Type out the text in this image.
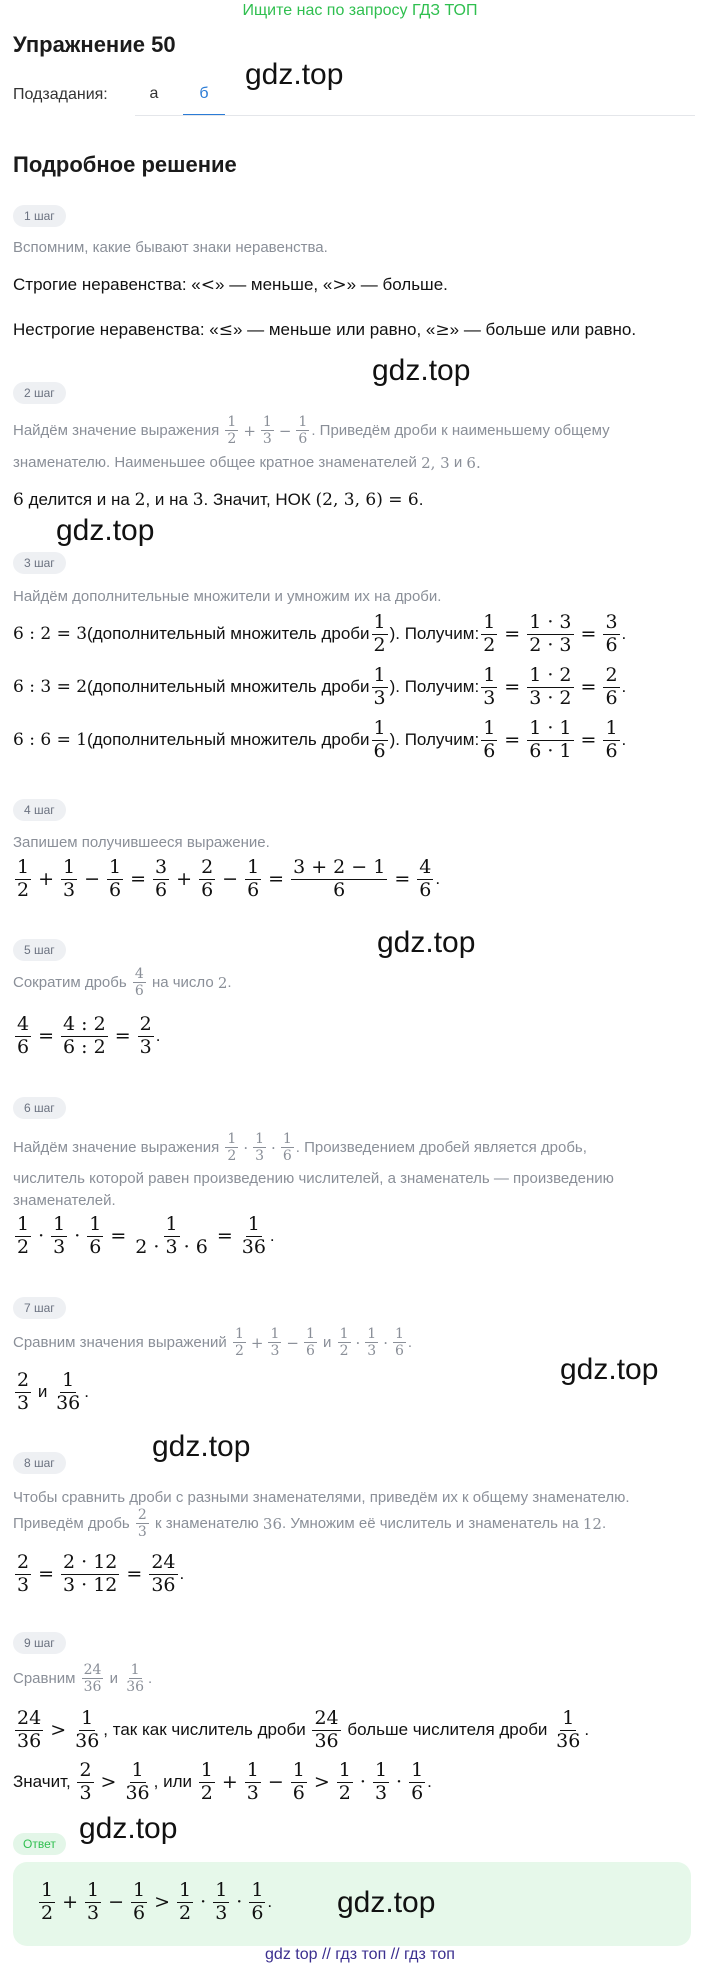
Ищите нас по запросу ГДЗ ТОП
Упражнение 50
Подзадания:	а	б
gdz.top
Подробное решение
1 шаг
Вспомним, какие бывают знаки неравенства.
Строгие неравенства: « < » — меньше, « > » — больше.
Нестрогие неравенства: « ≤ » — меньше или равно, « ≥ » — больше или равно.
gdz.top
2 шаг
Найдём значение выражения
$\frac{1}{2} + \frac{1}{3} - \frac{1}{6}$ . Приведём дроби к наименьшему общему
знаменателю. Наименьшее общее кратное знаменателей
2, 3
и
6.
6
делится и на
2 , и на
3 . Значит, НОК
(2, 3, 6) = 6 .
gdz.top
3 шаг
Найдём дополнительные множители и умножим их на дроби.
6 : 2 = 3 (дополнительный множитель дроби $\frac{1}{2}$ ). Получим: $\frac{1}{2} = \frac{1 \cdot 3}{2 \cdot 3} = \frac{3}{6}$ .
6 : 3 = 2 (дополнительный множитель дроби $\frac{1}{3}$ ). Получим: $\frac{1}{3} = \frac{1 \cdot 2}{3 \cdot 2} = \frac{2}{6}$ .
6 : 6 = 1 (дополнительный множитель дроби $\frac{1}{6}$ ). Получим: $\frac{1}{6} = \frac{1 \cdot 1}{6 \cdot 1} = \frac{1}{6}$ .
4 шаг
Запишем получившееся выражение.
$\frac{1}{2} + \frac{1}{3} - \frac{1}{6} = \frac{3}{6} + \frac{2}{6} - \frac{1}{6} = \frac{3 + 2 - 1}{6} = \frac{4}{6}$ .
gdz.top
5 шаг
Сократим дробь
$\frac{4}{6}$
на число
2 .
$\frac{4}{6} = \frac{4 : 2}{6 : 2} = \frac{2}{3}$ .
6 шаг
Найдём значение выражения
$\frac{1}{2} \cdot \frac{1}{3} \cdot \frac{1}{6}$ . Произведением дробей является дробь,
числитель которой равен произведению числителей, а знаменатель — произведению
знаменателей.
$\frac{1}{2} \cdot \frac{1}{3} \cdot \frac{1}{6} = \frac{1}{2 \cdot 3 \cdot 6} = \frac{1}{36}$ .
7 шаг
Сравним значения выражений
$\frac{1}{2} + \frac{1}{3} - \frac{1}{6}$
и
$\frac{1}{2} \cdot \frac{1}{3} \cdot \frac{1}{6}$ .
$\frac{2}{3}$
и
$\frac{1}{36}$ .
gdz.top
gdz.top
8 шаг
Чтобы сравнить дроби с разными знаменателями, приведём их к общему знаменателю.
Приведём дробь
$\frac{2}{3}$
к знаменателю
36 . Умножим её числитель и знаменатель на
12 .
$\frac{2}{3} = \frac{2 \cdot 12}{3 \cdot 12} = \frac{24}{36}$ .
9 шаг
Сравним
$\frac{24}{36}$
и
$\frac{1}{36}$ .
$\frac{24}{36} > \frac{1}{36}$ , так как числитель дроби
$\frac{24}{36}$
больше числителя дроби
$\frac{1}{36}$ .
Значит,
$\frac{2}{3} > \frac{1}{36}$ , или
$\frac{1}{2} + \frac{1}{3} - \frac{1}{6} > \frac{1}{2} \cdot \frac{1}{3} \cdot \frac{1}{6}$ .
gdz.top
Ответ
$\frac{1}{2} + \frac{1}{3} - \frac{1}{6} > \frac{1}{2} \cdot \frac{1}{3} \cdot \frac{1}{6}$ . gdz.top
gdz top // гдз топ // гдз топ
